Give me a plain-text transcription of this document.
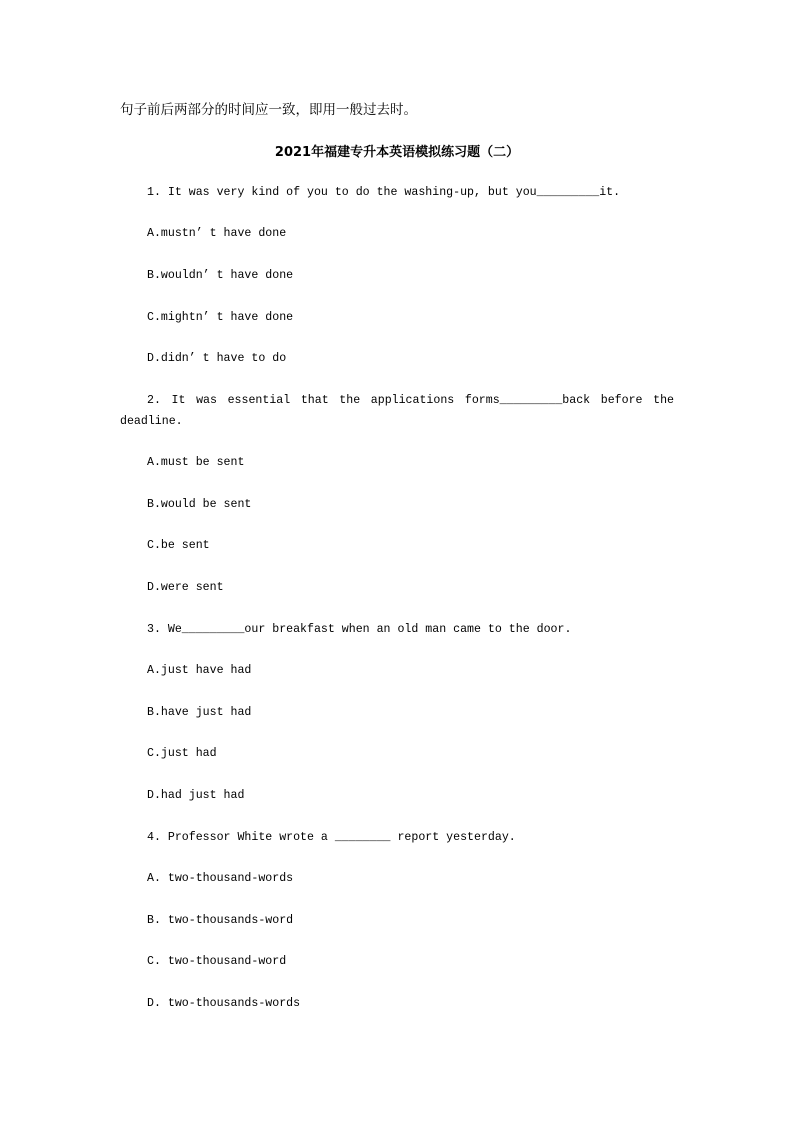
句子前后两部分的时间应一致，即用一般过去时。
2021年福建专升本英语模拟练习题（二）
1. It was very kind of you to do the washing-up, but you_________it.
A.mustn’ t have done
B.wouldn’ t have done
C.mightn’ t have done
D.didn’ t have to do
2. It was essential that the applications forms_________back before the
deadline.
A.must be sent
B.would be sent
C.be sent
D.were sent
3. We_________our breakfast when an old man came to the door.
A.just have had
B.have just had
C.just had
D.had just had
4. Professor White wrote a ________ report yesterday.
A. two-thousand-words
B. two-thousands-word
C. two-thousand-word
D. two-thousands-words
